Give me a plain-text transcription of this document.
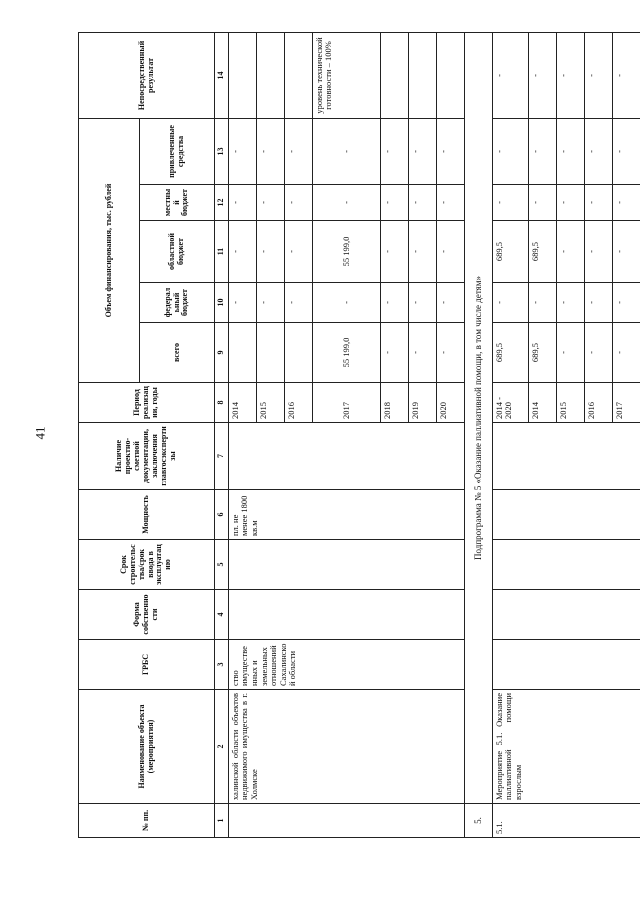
41
№ пп.	Наименование объекта (мероприятия)	ГРБС	Форма собственности	Срок строительства/срок ввода в эксплуатацию	Мощность	Наличие проектно-сметной документации, заключения главгосэкспертизы	Период реализации, годы	Объем финансирования, тыс. рублей					Непосредственный результат
								всего	федеральный бюджет	областной бюджет	местный бюджет	привлеченные средства	
1	2	3	4	5	6	7	8	9	10	11	12	13	14
	халинской области объектов недвижимого имущества в г. Холмске	ство имущественных и земельных отношений Сахалинской области			пл. не менее 1800 кв.м		2014		-	-	-	-	
							2015		-	-	-	-	
							2016		-	-	-	-	
							2017	55 199,0	-	55 199,0	-	-	уровень технической готовности – 100%
							2018	-	-	-	-	-	
							2019	-	-	-	-	-	
							2020	-	-	-	-	-	
5.	Подпрограмма № 5 «Оказание паллиативной помощи, в том числе детям»												
5.1.	Мероприятие 5.1. Оказание паллиативной помощи взрослым						2014 - 2020	689,5	-	689,5	-	-	-
							2014	689,5	-	689,5	-	-	-
							2015	-	-	-	-	-	-
							2016	-	-	-	-	-	-
							2017	-	-	-	-	-	-
